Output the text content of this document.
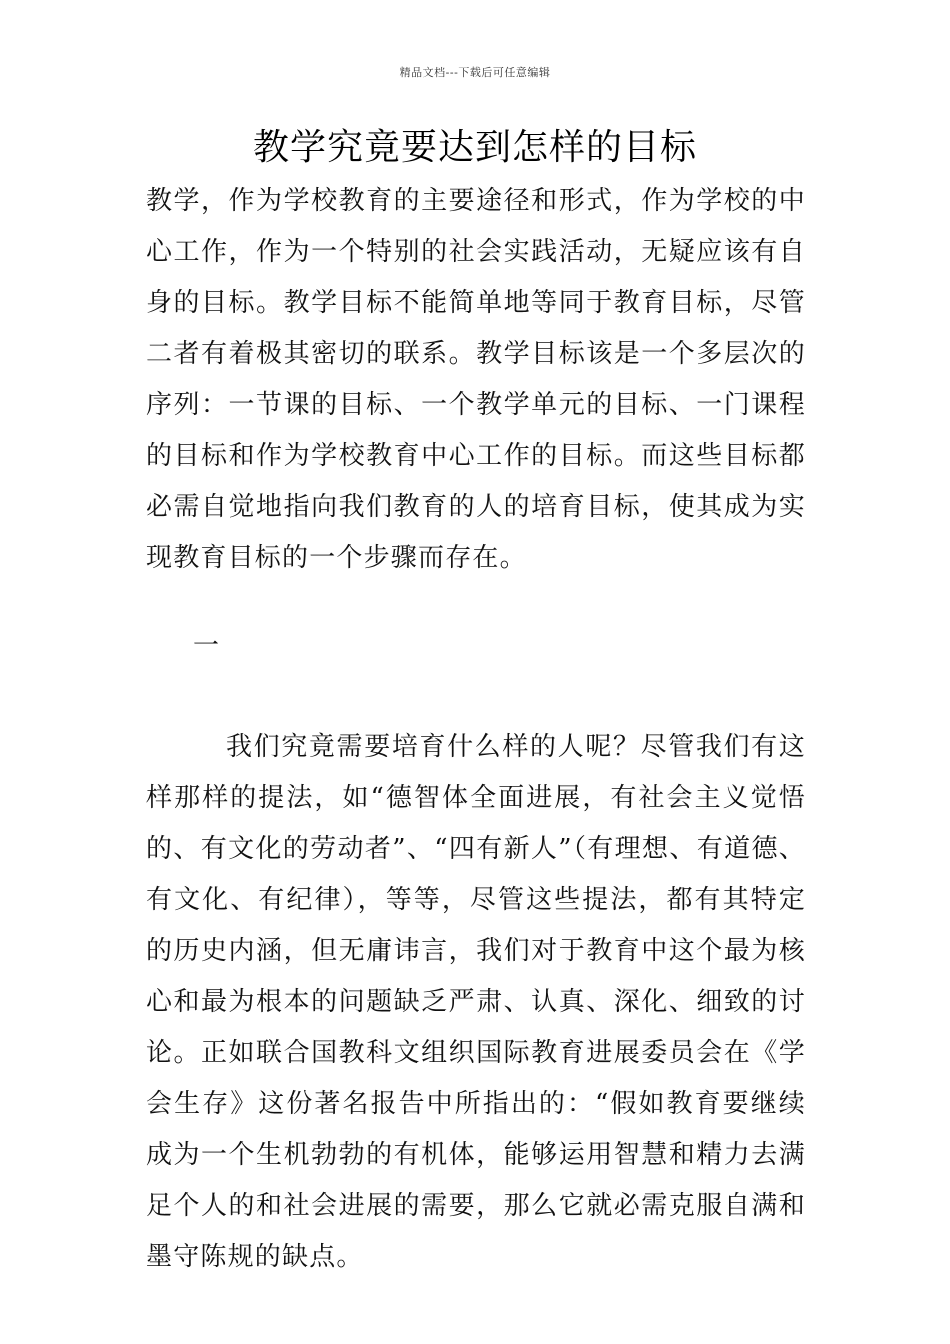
精品文档---下载后可任意编辑
教学究竟要达到怎样的目标

教学，作为学校教育的主要途径和形式，作为学校的中心工作，作为一个特别的社会实践活动，无疑应该有自身的目标。教学目标不能简单地等同于教育目标，尽管二者有着极其密切的联系。教学目标该是一个多层次的序列：一节课的目标、一个教学单元的目标、一门课程的目标和作为学校教育中心工作的目标。而这些目标都必需自觉地指向我们教育的人的培育目标，使其成为实现教育目标的一个步骤而存在。

一

我们究竟需要培育什么样的人呢？尽管我们有这样那样的提法，如“德智体全面进展，有社会主义觉悟的、有文化的劳动者”、“四有新人”（有理想、有道德、有文化、有纪律），等等，尽管这些提法，都有其特定的历史内涵，但无庸讳言，我们对于教育中这个最为核心和最为根本的问题缺乏严肃、认真、深化、细致的讨论。正如联合国教科文组织国际教育进展委员会在《学会生存》这份著名报告中所指出的：“假如教育要继续成为一个生机勃勃的有机体，能够运用智慧和精力去满足个人的和社会进展的需要，那么它就必需克服自满和墨守陈规的缺点。
